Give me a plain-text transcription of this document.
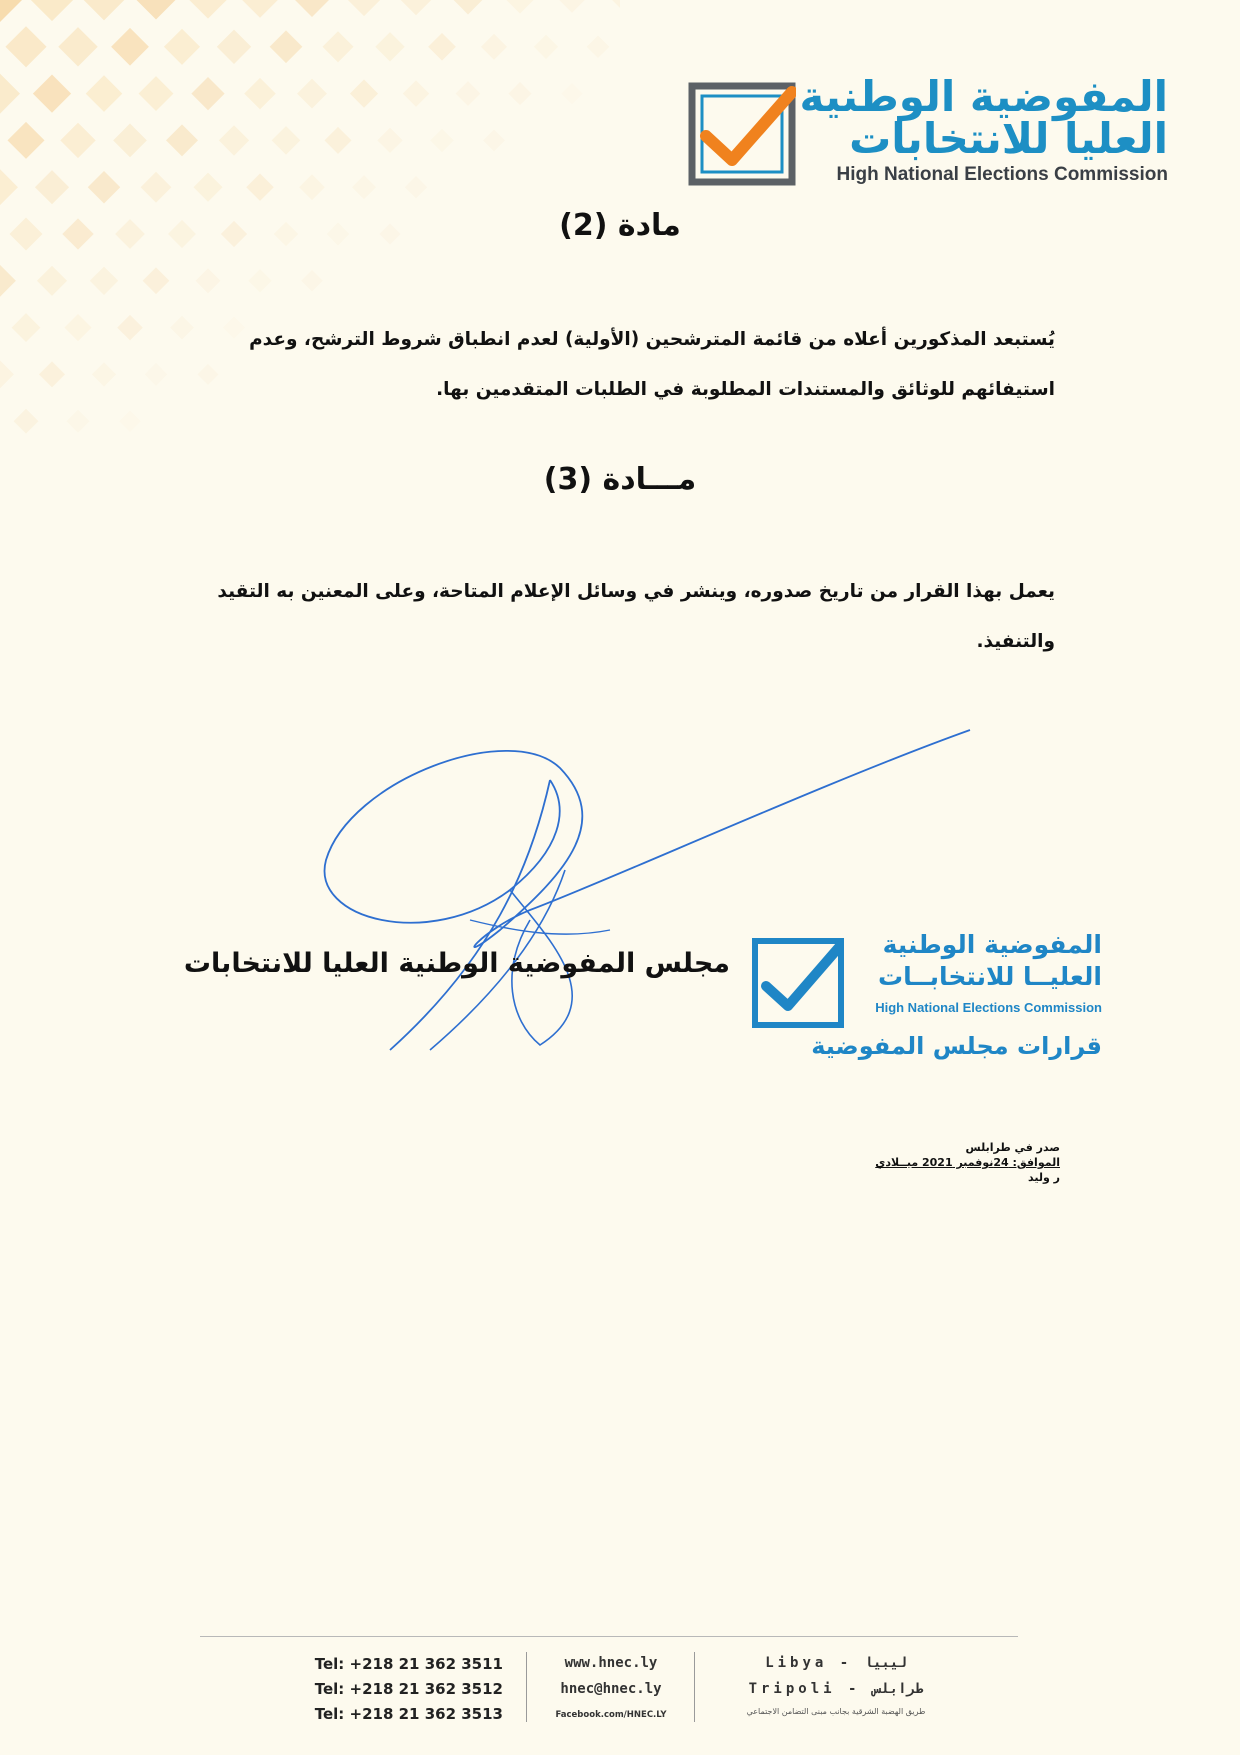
المفوضية الوطنية
العليا للانتخابات
High National Elections Commission
مادة (2)
يُستبعد المذكورين أعلاه من قائمة المترشحين (الأولية) لعدم انطباق شروط الترشح، وعدم استيفائهم للوثائق والمستندات المطلوبة في الطلبات المتقدمين بها.
مـــادة (3)
يعمل بهذا القرار من تاريخ صدوره، وينشر في وسائل الإعلام المتاحة، وعلى المعنين به التقيد والتنفيذ.
مجلس المفوضية الوطنية العليا للانتخابات
المفوضية الوطنية
العليــا للانتخابــات
High National Elections Commission
قرارات مجلس المفوضية
صدر في طرابلس
الموافق: 24نوفمبر 2021 ميــلادي
ر وليد
Tel: +218 21 362 3511
Tel: +218 21 362 3512
Tel: +218 21 362 3513
www.hnec.ly
hnec@hnec.ly
Facebook.com/HNEC.LY
Libya - ليبيا
Tripoli - طرابلس
طريق الهضبة الشرقية بجانب مبنى التضامن الاجتماعي
